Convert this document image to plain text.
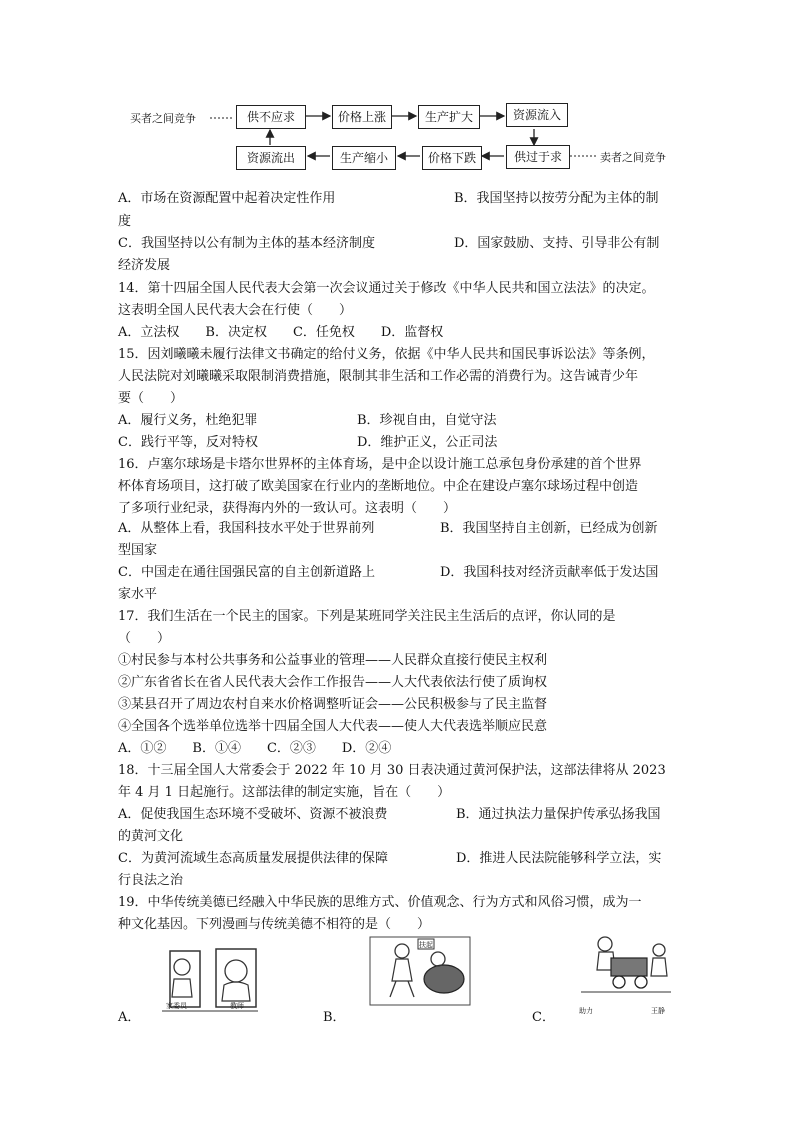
买者之间竞争	供不应求	价格上涨	生产扩大	资源流入
资源流出	生产缩小	价格下跌	供过于求	卖者之间竞争
A．市场在资源配置中起着决定性作用	B．我国坚持以按劳分配为主体的制
度
C．我国坚持以公有制为主体的基本经济制度	D．国家鼓励、支持、引导非公有制
经济发展
14．第十四届全国人民代表大会第一次会议通过关于修改《中华人民共和国立法法》的决定。
这表明全国人民代表大会在行使（　　）
A．立法权　　B．决定权　　C．任免权　　D．监督权
15．因刘曦曦未履行法律文书确定的给付义务，依据《中华人民共和国民事诉讼法》等条例，
人民法院对刘曦曦采取限制消费措施，限制其非生活和工作必需的消费行为。这告诫青少年
要（　　）
A．履行义务，杜绝犯罪	B．珍视自由，自觉守法
C．践行平等，反对特权	D．维护正义，公正司法
16．卢塞尔球场是卡塔尔世界杯的主体育场，是中企以设计施工总承包身份承建的首个世界
杯体育场项目，这打破了欧美国家在行业内的垄断地位。中企在建设卢塞尔球场过程中创造
了多项行业纪录，获得海内外的一致认可。这表明（　　）
A．从整体上看，我国科技水平处于世界前列	B．我国坚持自主创新，已经成为创新
型国家
C．中国走在通往国强民富的自主创新道路上	D．我国科技对经济贡献率低于发达国
家水平
17．我们生活在一个民主的国家。下列是某班同学关注民主生活后的点评，你认同的是
（　　）
①村民参与本村公共事务和公益事业的管理——人民群众直接行使民主权利
②广东省省长在省人民代表大会作工作报告——人大代表依法行使了质询权
③某县召开了周边农村自来水价格调整听证会——公民积极参与了民主监督
④全国各个选举单位选举十四届全国人大代表——使人大代表选举顺应民意
A．①②　　B．①④　　C．②③　　D．②④
18．十三届全国人大常委会于 2022 年 10 月 30 日表决通过黄河保护法，这部法律将从 2023
年 4 月 1 日起施行。这部法律的制定实施，旨在（　　）
A．促使我国生态环境不受破坏、资源不被浪费	B．通过执法力量保护传承弘扬我国
的黄河文化
C．为黄河流域生态高质量发展提供法律的保障	D．推进人民法院能够科学立法，实
行良法之治
19．中华传统美德已经融入中华民族的思维方式、价值观念、行为方式和风俗习惯，成为一
种文化基因。下列漫画与传统美德不相符的是（　　）
A．
家委员	教师
B．
扶起
C．	助力	王静
